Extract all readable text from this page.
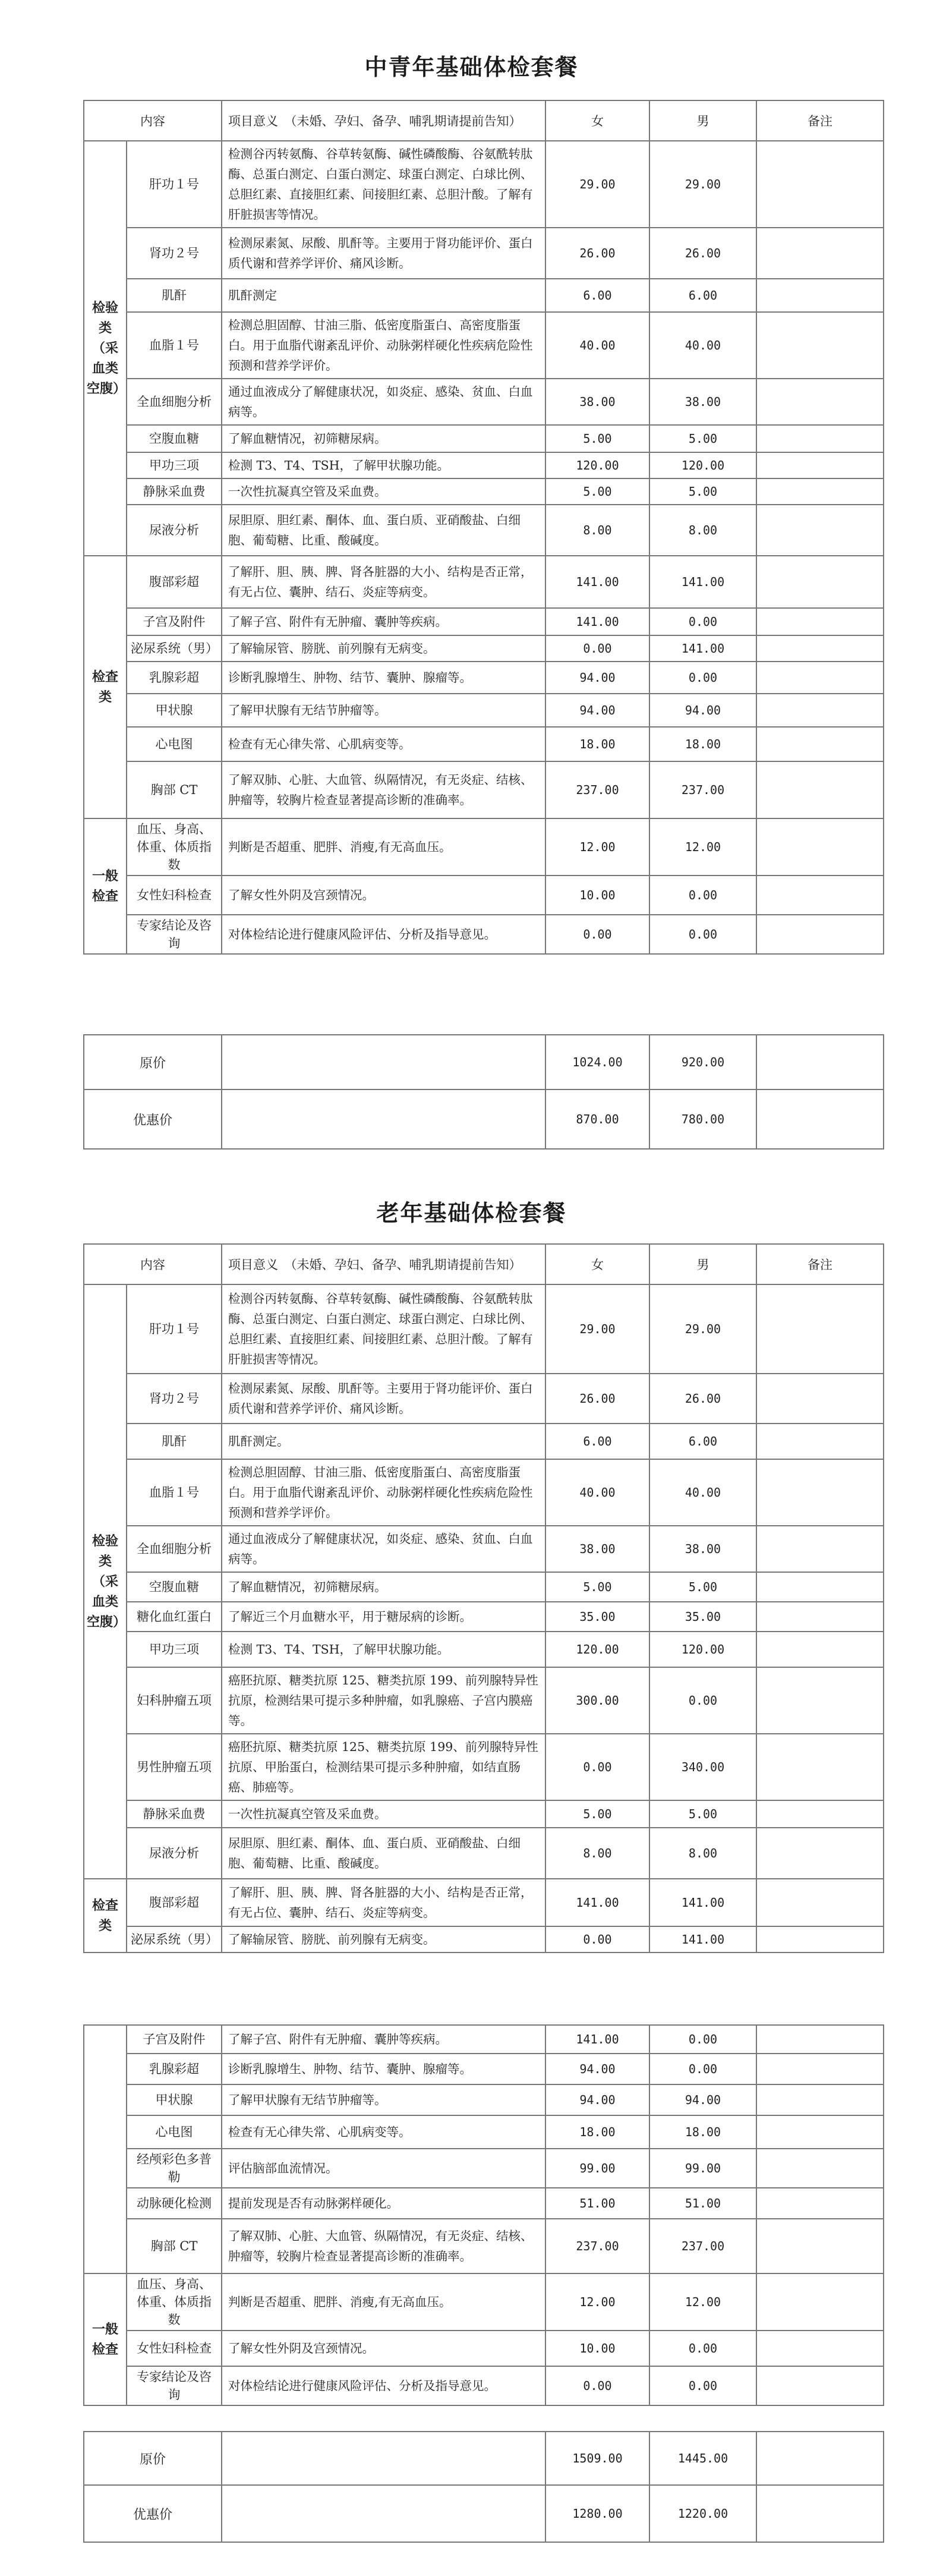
中青年基础体检套餐
内容		项目意义　（未婚、孕妇、备孕、哺乳期请提前告知）	女	男	备注
检验类（采血类空腹）	肝功１号	检测谷丙转氨酶、谷草转氨酶、碱性磷酸酶、谷氨酰转肽酶、总蛋白测定、白蛋白测定、球蛋白测定、白球比例、总胆红素、直接胆红素、间接胆红素、总胆汁酸。了解有肝脏损害等情况。	29.00	29.00	
	肾功２号	检测尿素氮、尿酸、肌酐等。主要用于肾功能评价、蛋白质代谢和营养学评价、痛风诊断。	26.00	26.00	
	肌酐	肌酐测定	6.00	6.00	
	血脂１号	检测总胆固醇、甘油三脂、低密度脂蛋白、高密度脂蛋白。用于血脂代谢紊乱评价、动脉粥样硬化性疾病危险性预测和营养学评价。	40.00	40.00	
	全血细胞分析	通过血液成分了解健康状况，如炎症、感染、贫血、白血病等。	38.00	38.00	
	空腹血糖	了解血糖情况，初筛糖尿病。	5.00	5.00	
	甲功三项	检测 T3、T4、TSH，了解甲状腺功能。	120.00	120.00	
	静脉采血费	一次性抗凝真空管及采血费。	5.00	5.00	
	尿液分析	尿胆原、胆红素、酮体、血、蛋白质、亚硝酸盐、白细胞、葡萄糖、比重、酸碱度。	8.00	8.00	
检查类	腹部彩超	了解肝、胆、胰、脾、肾各脏器的大小、结构是否正常，有无占位、囊肿、结石、炎症等病变。	141.00	141.00	
	子宫及附件	了解子宫、附件有无肿瘤、囊肿等疾病。	141.00	0.00	
	泌尿系统（男）	了解输尿管、膀胱、前列腺有无病变。	0.00	141.00	
	乳腺彩超	诊断乳腺增生、肿物、结节、囊肿、腺瘤等。	94.00	0.00	
	甲状腺	了解甲状腺有无结节肿瘤等。	94.00	94.00	
	心电图	检查有无心律失常、心肌病变等。	18.00	18.00	
	胸部 CT	了解双肺、心脏、大血管、纵隔情况，有无炎症、结核、肿瘤等，较胸片检查显著提高诊断的准确率。	237.00	237.00	
一般检查	血压、身高、体重、体质指数	判断是否超重、肥胖、消瘦,有无高血压。	12.00	12.00	
	女性妇科检查	了解女性外阴及宫颈情况。	10.00	0.00	
	专家结论及咨询	对体检结论进行健康风险评估、分析及指导意见。	0.00	0.00	
原价		1024.00	920.00	
优惠价		870.00	780.00	
老年基础体检套餐
内容		项目意义　（未婚、孕妇、备孕、哺乳期请提前告知）	女	男	备注
检验类（采血类空腹）	肝功１号	检测谷丙转氨酶、谷草转氨酶、碱性磷酸酶、谷氨酰转肽酶、总蛋白测定、白蛋白测定、球蛋白测定、白球比例、总胆红素、直接胆红素、间接胆红素、总胆汁酸。了解有肝脏损害等情况。	29.00	29.00	
	肾功２号	检测尿素氮、尿酸、肌酐等。主要用于肾功能评价、蛋白质代谢和营养学评价、痛风诊断。	26.00	26.00	
	肌酐	肌酐测定。	6.00	6.00	
	血脂１号	检测总胆固醇、甘油三脂、低密度脂蛋白、高密度脂蛋白。用于血脂代谢紊乱评价、动脉粥样硬化性疾病危险性预测和营养学评价。	40.00	40.00	
	全血细胞分析	通过血液成分了解健康状况，如炎症、感染、贫血、白血病等。	38.00	38.00	
	空腹血糖	了解血糖情况，初筛糖尿病。	5.00	5.00	
	糖化血红蛋白	了解近三个月血糖水平，用于糖尿病的诊断。	35.00	35.00	
	甲功三项	检测 T3、T4、TSH，了解甲状腺功能。	120.00	120.00	
	妇科肿瘤五项	癌胚抗原、糖类抗原 125、糖类抗原 199、前列腺特异性抗原，检测结果可提示多种肿瘤，如乳腺癌、子宫内膜癌等。	300.00	0.00	
	男性肿瘤五项	癌胚抗原、糖类抗原 125、糖类抗原 199、前列腺特异性抗原、甲胎蛋白，检测结果可提示多种肿瘤，如结直肠癌、肺癌等。	0.00	340.00	
	静脉采血费	一次性抗凝真空管及采血费。	5.00	5.00	
	尿液分析	尿胆原、胆红素、酮体、血、蛋白质、亚硝酸盐、白细胞、葡萄糖、比重、酸碱度。	8.00	8.00	
检查类	腹部彩超	了解肝、胆、胰、脾、肾各脏器的大小、结构是否正常，有无占位、囊肿、结石、炎症等病变。	141.00	141.00	
	泌尿系统（男）	了解输尿管、膀胱、前列腺有无病变。	0.00	141.00	
	子宫及附件	了解子宫、附件有无肿瘤、囊肿等疾病。	141.00	0.00	
	乳腺彩超	诊断乳腺增生、肿物、结节、囊肿、腺瘤等。	94.00	0.00	
	甲状腺	了解甲状腺有无结节肿瘤等。	94.00	94.00	
	心电图	检查有无心律失常、心肌病变等。	18.00	18.00	
	经颅彩色多普勒	评估脑部血流情况。	99.00	99.00	
	动脉硬化检测	提前发现是否有动脉粥样硬化。	51.00	51.00	
	胸部 CT	了解双肺、心脏、大血管、纵隔情况，有无炎症、结核、肿瘤等，较胸片检查显著提高诊断的准确率。	237.00	237.00	
一般检查	血压、身高、体重、体质指数	判断是否超重、肥胖、消瘦,有无高血压。	12.00	12.00	
	女性妇科检查	了解女性外阴及宫颈情况。	10.00	0.00	
	专家结论及咨询	对体检结论进行健康风险评估、分析及指导意见。	0.00	0.00	
原价		1509.00	1445.00	
优惠价		1280.00	1220.00	
